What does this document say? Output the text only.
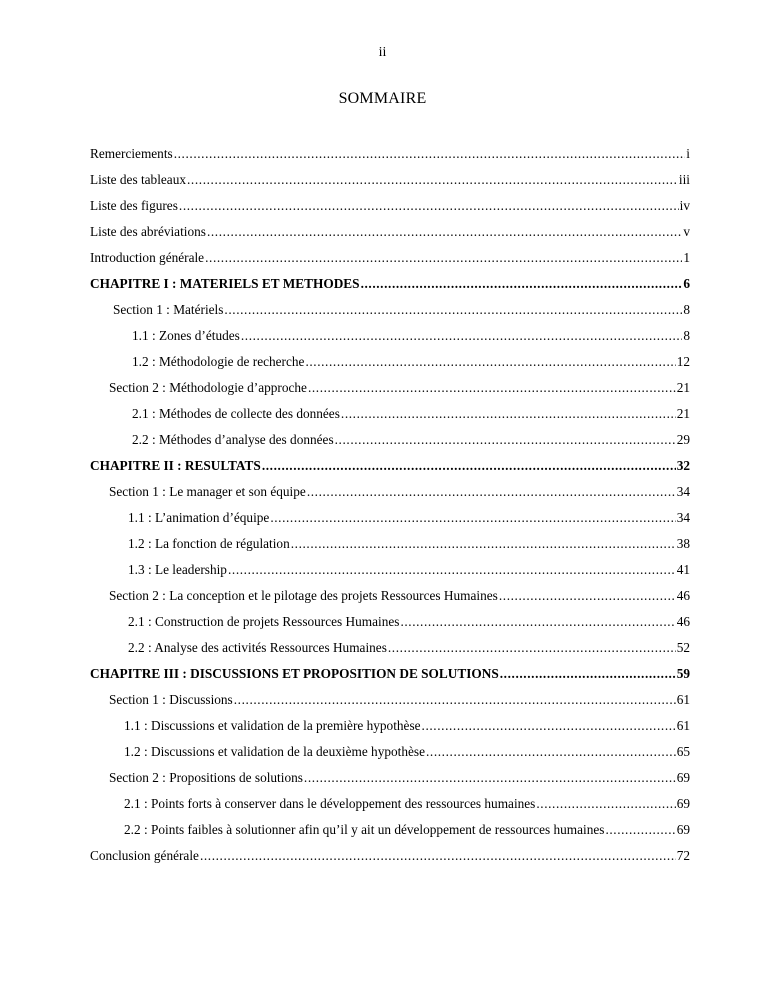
ii
SOMMAIRE
Remerciements .....	i
Liste des tableaux .....	iii
Liste des figures .....	iv
Liste des abréviations .....	v
Introduction générale .....	1
CHAPITRE I : MATERIELS ET METHODES .....	6
Section 1 : Matériels .....	8
1.1 : Zones d’études .....	8
1.2 : Méthodologie de recherche .....	12
Section 2 : Méthodologie d’approche .....	21
2.1 : Méthodes de collecte des données .....	21
2.2 : Méthodes d’analyse des données .....	29
CHAPITRE II : RESULTATS .....	32
Section 1 : Le manager et son équipe .....	34
1.1 : L’animation d’équipe .....	34
1.2 : La fonction de régulation .....	38
1.3 : Le leadership .....	41
Section 2 : La conception et le pilotage des projets Ressources Humaines .....	46
2.1 : Construction de projets Ressources Humaines .....	46
2.2 : Analyse des activités Ressources Humaines .....	52
CHAPITRE III : DISCUSSIONS ET PROPOSITION DE SOLUTIONS .....	59
Section 1 : Discussions .....	61
1.1 : Discussions et validation de la première hypothèse .....	61
1.2 : Discussions et validation de la deuxième hypothèse .....	65
Section 2 : Propositions de solutions .....	69
2.1 : Points forts à conserver dans le développement des ressources humaines .....	69
2.2 : Points faibles à solutionner afin qu’il y ait un développement de ressources humaines .....	69
Conclusion générale .....	72
